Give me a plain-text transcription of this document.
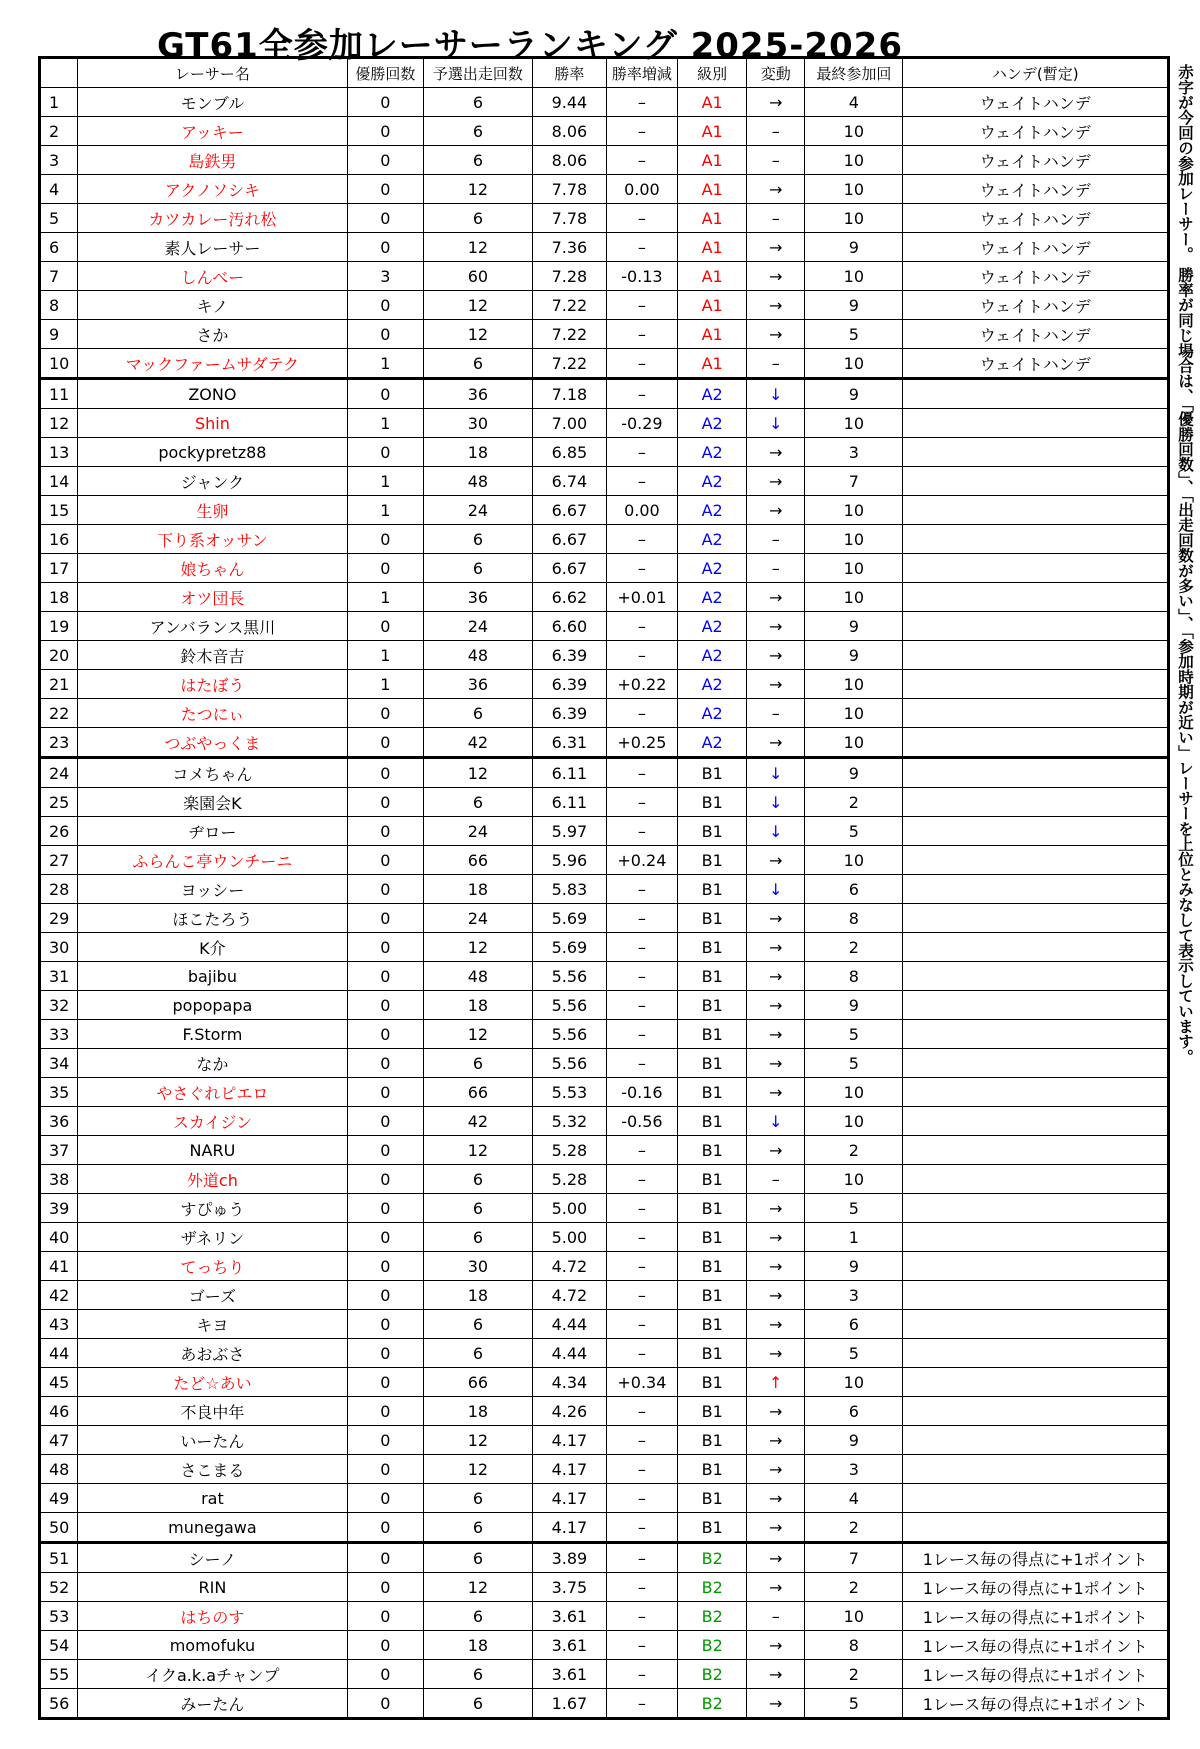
GT61全参加レーサーランキング 2025-2026
	レーサー名	優勝回数	予選出走回数	勝率	勝率増減	級別	変動	最終参加回	ハンデ(暫定)
1	モンブル	0	6	9.44	–	A1	→	4	ウェイトハンデ
2	アッキー	0	6	8.06	–	A1	–	10	ウェイトハンデ
3	島鉄男	0	6	8.06	–	A1	–	10	ウェイトハンデ
4	アクノソシキ	0	12	7.78	0.00	A1	→	10	ウェイトハンデ
5	カツカレー汚れ松	0	6	7.78	–	A1	–	10	ウェイトハンデ
6	素人レーサー	0	12	7.36	–	A1	→	9	ウェイトハンデ
7	しんべー	3	60	7.28	-0.13	A1	→	10	ウェイトハンデ
8	キノ	0	12	7.22	–	A1	→	9	ウェイトハンデ
9	さか	0	12	7.22	–	A1	→	5	ウェイトハンデ
10	マックファームサダテク	1	6	7.22	–	A1	–	10	ウェイトハンデ
11	ZONO	0	36	7.18	–	A2	↓	9	
12	Shin	1	30	7.00	-0.29	A2	↓	10	
13	pockypretz88	0	18	6.85	–	A2	→	3	
14	ジャンク	1	48	6.74	–	A2	→	7	
15	生卵	1	24	6.67	0.00	A2	→	10	
16	下り系オッサン	0	6	6.67	–	A2	–	10	
17	娘ちゃん	0	6	6.67	–	A2	–	10	
18	オツ団長	1	36	6.62	+0.01	A2	→	10	
19	アンバランス黒川	0	24	6.60	–	A2	→	9	
20	鈴木音吉	1	48	6.39	–	A2	→	9	
21	はたぼう	1	36	6.39	+0.22	A2	→	10	
22	たつにぃ	0	6	6.39	–	A2	–	10	
23	つぶやっくま	0	42	6.31	+0.25	A2	→	10	
24	コメちゃん	0	12	6.11	–	B1	↓	9	
25	楽園会K	0	6	6.11	–	B1	↓	2	
26	ヂロー	0	24	5.97	–	B1	↓	5	
27	ふらんこ亭ウンチーニ	0	66	5.96	+0.24	B1	→	10	
28	ヨッシー	0	18	5.83	–	B1	↓	6	
29	ほこたろう	0	24	5.69	–	B1	→	8	
30	K介	0	12	5.69	–	B1	→	2	
31	bajibu	0	48	5.56	–	B1	→	8	
32	popopapa	0	18	5.56	–	B1	→	9	
33	F.Storm	0	12	5.56	–	B1	→	5	
34	なか	0	6	5.56	–	B1	→	5	
35	やさぐれピエロ	0	66	5.53	-0.16	B1	→	10	
36	スカイジン	0	42	5.32	-0.56	B1	↓	10	
37	NARU	0	12	5.28	–	B1	→	2	
38	外道ch	0	6	5.28	–	B1	–	10	
39	すぴゅう	0	6	5.00	–	B1	→	5	
40	ザネリン	0	6	5.00	–	B1	→	1	
41	てっちり	0	30	4.72	–	B1	→	9	
42	ゴーズ	0	18	4.72	–	B1	→	3	
43	キヨ	0	6	4.44	–	B1	→	6	
44	あおぶさ	0	6	4.44	–	B1	→	5	
45	たど☆あい	0	66	4.34	+0.34	B1	↑	10	
46	不良中年	0	18	4.26	–	B1	→	6	
47	いーたん	0	12	4.17	–	B1	→	9	
48	さこまる	0	12	4.17	–	B1	→	3	
49	rat	0	6	4.17	–	B1	→	4	
50	munegawa	0	6	4.17	–	B1	→	2	
51	シーノ	0	6	3.89	–	B2	→	7	1レース毎の得点に+1ポイント
52	RIN	0	12	3.75	–	B2	→	2	1レース毎の得点に+1ポイント
53	はちのす	0	6	3.61	–	B2	–	10	1レース毎の得点に+1ポイント
54	momofuku	0	18	3.61	–	B2	→	8	1レース毎の得点に+1ポイント
55	イクa.k.aチャンプ	0	6	3.61	–	B2	→	2	1レース毎の得点に+1ポイント
56	みーたん	0	6	1.67	–	B2	→	5	1レース毎の得点に+1ポイント
赤字が今回の参加レーサー。 勝率が同じ場合は、「優勝回数」、「出走回数が多い」、「参加時期が近い」レーサーを上位とみなして表示しています。
